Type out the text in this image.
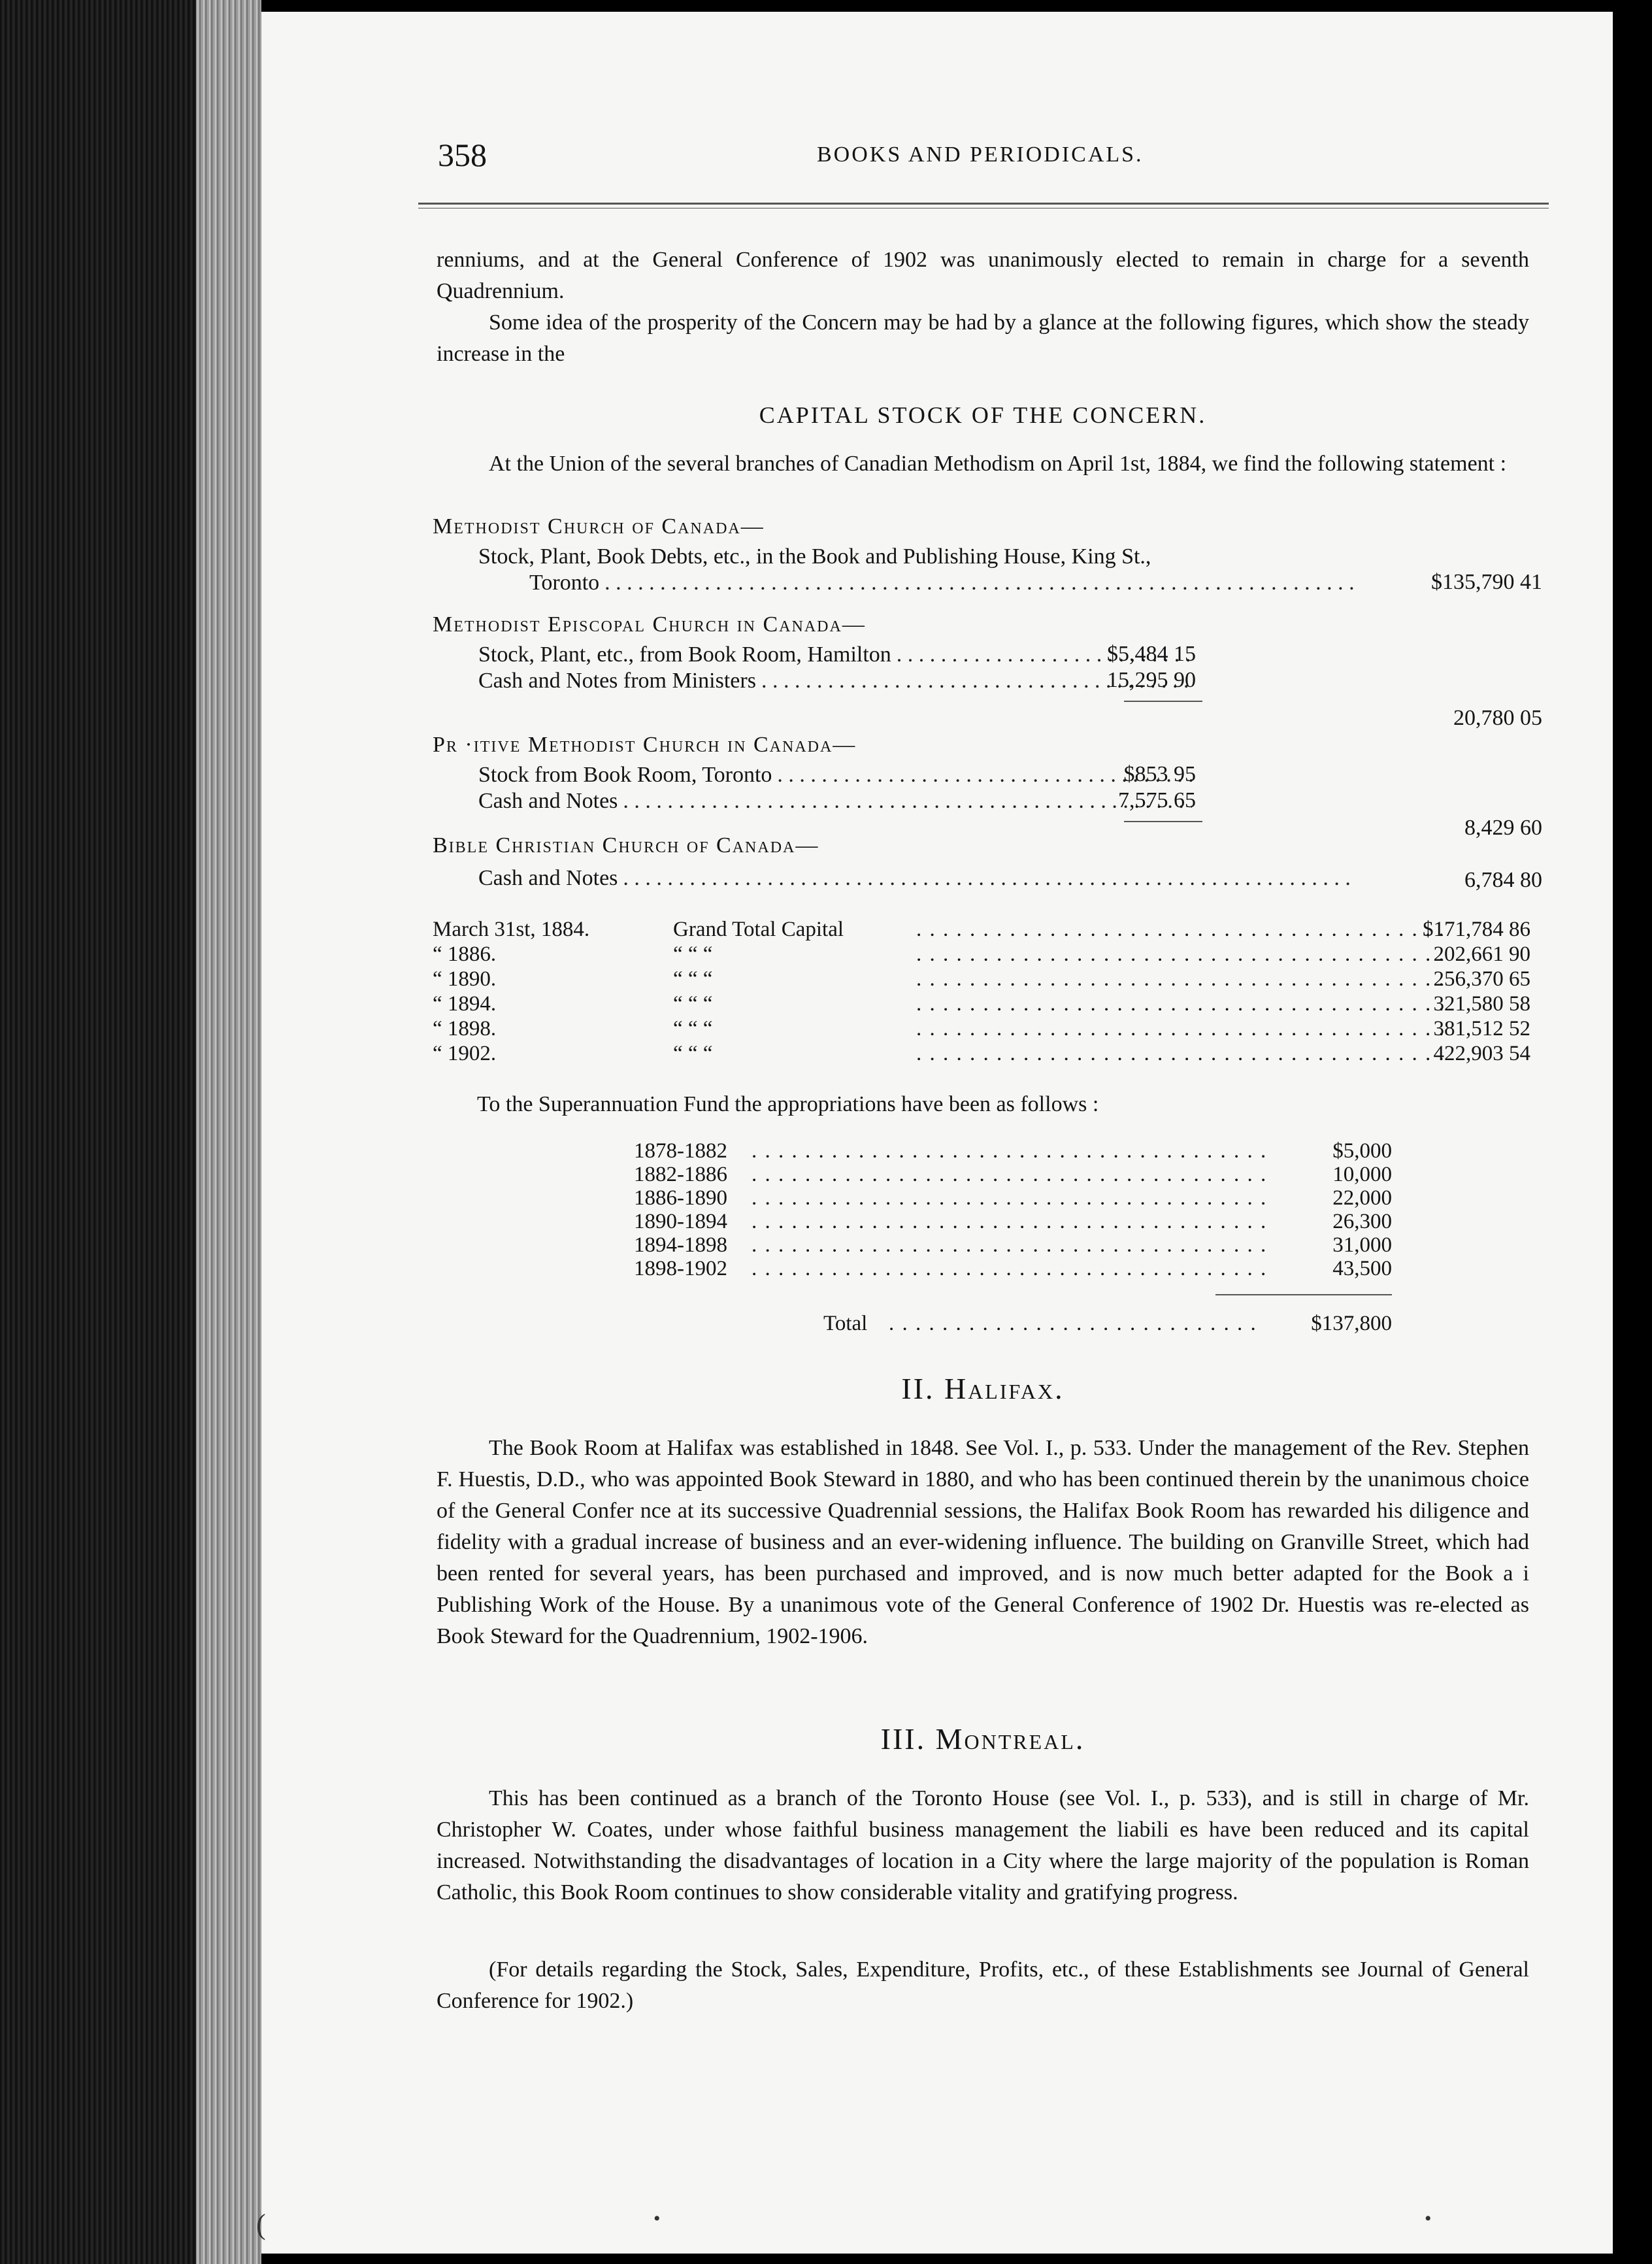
358	BOOKS AND PERIODICALS.

renniums, and at the General Conference of 1902 was unanimously elected to remain in charge for a seventh Quadrennium.

Some idea of the prosperity of the Concern may be had by a glance at the following figures, which show the steady increase in the

CAPITAL STOCK OF THE CONCERN.

At the Union of the several branches of Canadian Methodism on April 1st, 1884, we find the following statement :

Methodist Church of Canada—
Stock, Plant, Book Debts, etc., in the Book and Publishing House, King St.,
Toronto . . .	$135,790 41
Methodist Episcopal Church in Canada—
Stock, Plant, etc., from Book Room, Hamilton . . .	$5,484 15
Cash and Notes from Ministers . . .	15,295 90
20,780 05
Pr ·itive Methodist Church in Canada—
Stock from Book Room, Toronto . . .	$853 95
Cash and Notes . . .	7,575 65
8,429 60
Bible Christian Church of Canada—
Cash and Notes . . .	6,784 80
March 31st, 1884.	Grand Total Capital . . .	$171,784 86
“ 1886.	“ “ “ . . .	202,661 90
“ 1890.	“ “ “ . . .	256,370 65
“ 1894.	“ “ “ . . .	321,580 58
“ 1898.	“ “ “ . . .	381,512 52
“ 1902.	“ “ “ . . .	422,903 54

To the Superannuation Fund the appropriations have been as follows :

1878-1882 . . .	$5,000
1882-1886 . . .	10,000
1886-1890 . . .	22,000
1890-1894 . . .	26,300
1894-1898 . . .	31,000
1898-1902 . . .	43,500
Total . . .	$137,800
II. Halifax.

The Book Room at Halifax was established in 1848. See Vol. I., p. 533. Under the management of the Rev. Stephen F. Huestis, D.D., who was appointed Book Steward in 1880, and who has been continued therein by the unanimous choice of the General Confer nce at its successive Quadrennial sessions, the Halifax Book Room has rewarded his diligence and fidelity with a gradual increase of business and an ever-widening influence. The building on Granville Street, which had been rented for several years, has been purchased and improved, and is now much better adapted for the Book a i Publishing Work of the House. By a unanimous vote of the General Conference of 1902 Dr. Huestis was re-elected as Book Steward for the Quadrennium, 1902-1906.

III. Montreal.

This has been continued as a branch of the Toronto House (see Vol. I., p. 533), and is still in charge of Mr. Christopher W. Coates, under whose faithful business management the liabili es have been reduced and its capital increased. Notwithstanding the disadvantages of location in a City where the large majority of the population is Roman Catholic, this Book Room continues to show considerable vitality and gratifying progress.

(For details regarding the Stock, Sales, Expenditure, Profits, etc., of these Establishments see Journal of General Conference for 1902.)

(	•	•
